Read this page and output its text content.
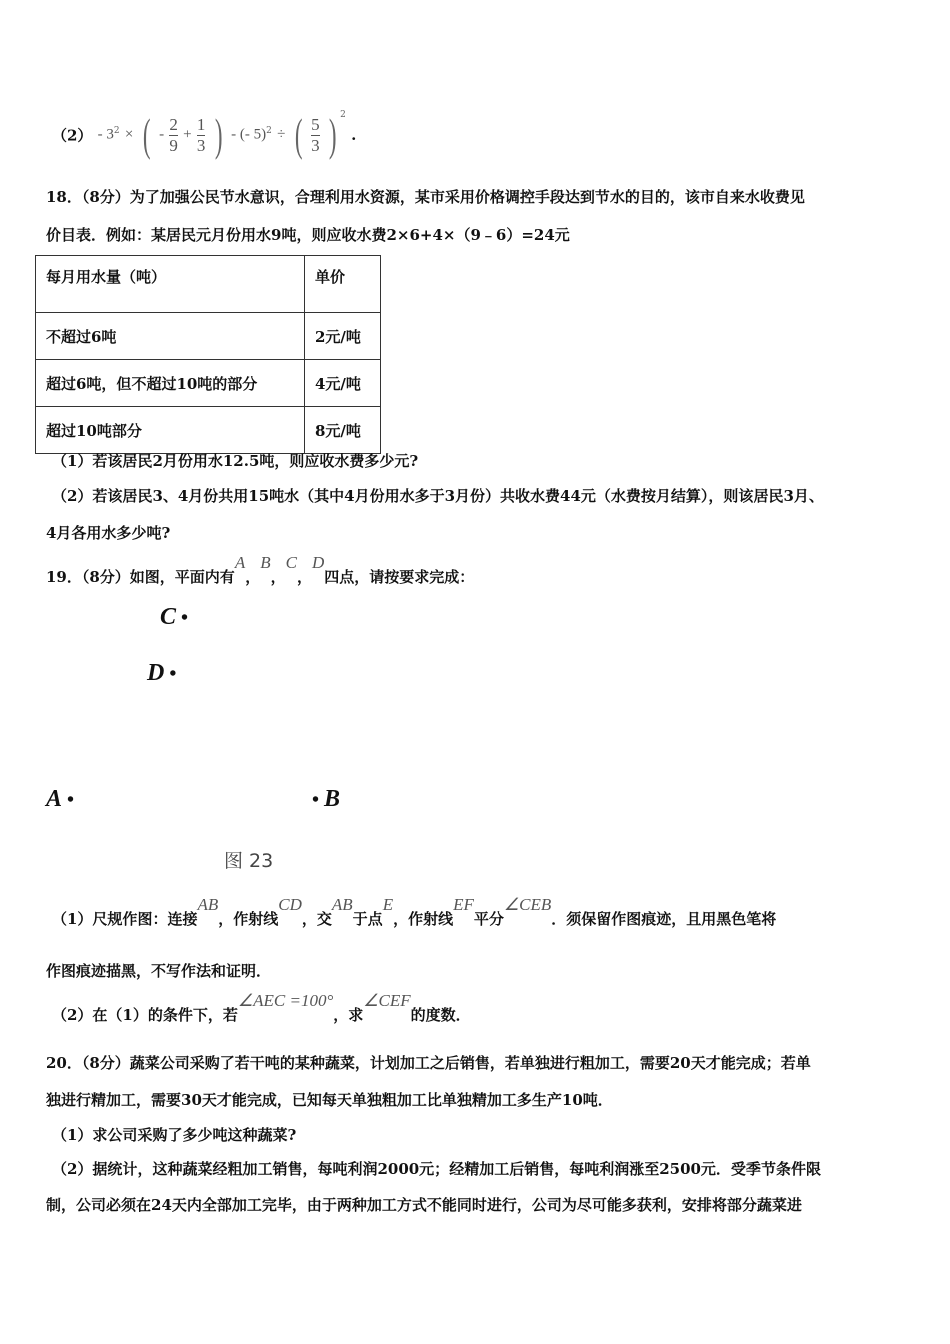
$(2) - 3^2$ × ( - $\frac{2}{9} + \frac{1}{3}$ ) - (- 5)$^2$ ÷ ( $\frac{5}{3}$ ) $^2$ .
18．（8分）为了加强公民节水意识，合理利用水资源，某市采用价格调控手段达到节水的目的，该市自来水收费见
价目表．例如：某居民元月份用水9吨，则应收水费2×6+4×（9﹣6）=24元
每月用水量（吨）	单价
不超过6吨	2元/吨
超过6吨，但不超过10吨的部分	4元/吨
超过10吨部分	8元/吨
（1）若该居民2月份用水12.5吨，则应收水费多少元?
（2）若该居民3、4月份共用15吨水（其中4月份用水多于3月份）共收水费44元（水费按月结算），则该居民3月、
4月各用水多少吨?
19．（8分）如图，平面内有A，B，C，D四点，请按要求完成：
C •
D •
A •	• B
图 23
（1）尺规作图：连接AB，作射线CD，交AB于点E，作射线EF平分∠CEB．须保留作图痕迹，且用黑色笔将
作图痕迹描黑，不写作法和证明．
（2）在（1）的条件下，若∠AEC =100°，求∠CEF的度数．
20．（8分）蔬菜公司采购了若干吨的某种蔬菜，计划加工之后销售，若单独进行粗加工，需要20天才能完成；若单
独进行精加工，需要30天才能完成，已知每天单独粗加工比单独精加工多生产10吨．
（1）求公司采购了多少吨这种蔬菜?
（2）据统计，这种蔬菜经粗加工销售，每吨利润2000元；经精加工后销售，每吨利润涨至2500元．受季节条件限
制，公司必须在24天内全部加工完毕，由于两种加工方式不能同时进行，公司为尽可能多获利，安排将部分蔬菜进
